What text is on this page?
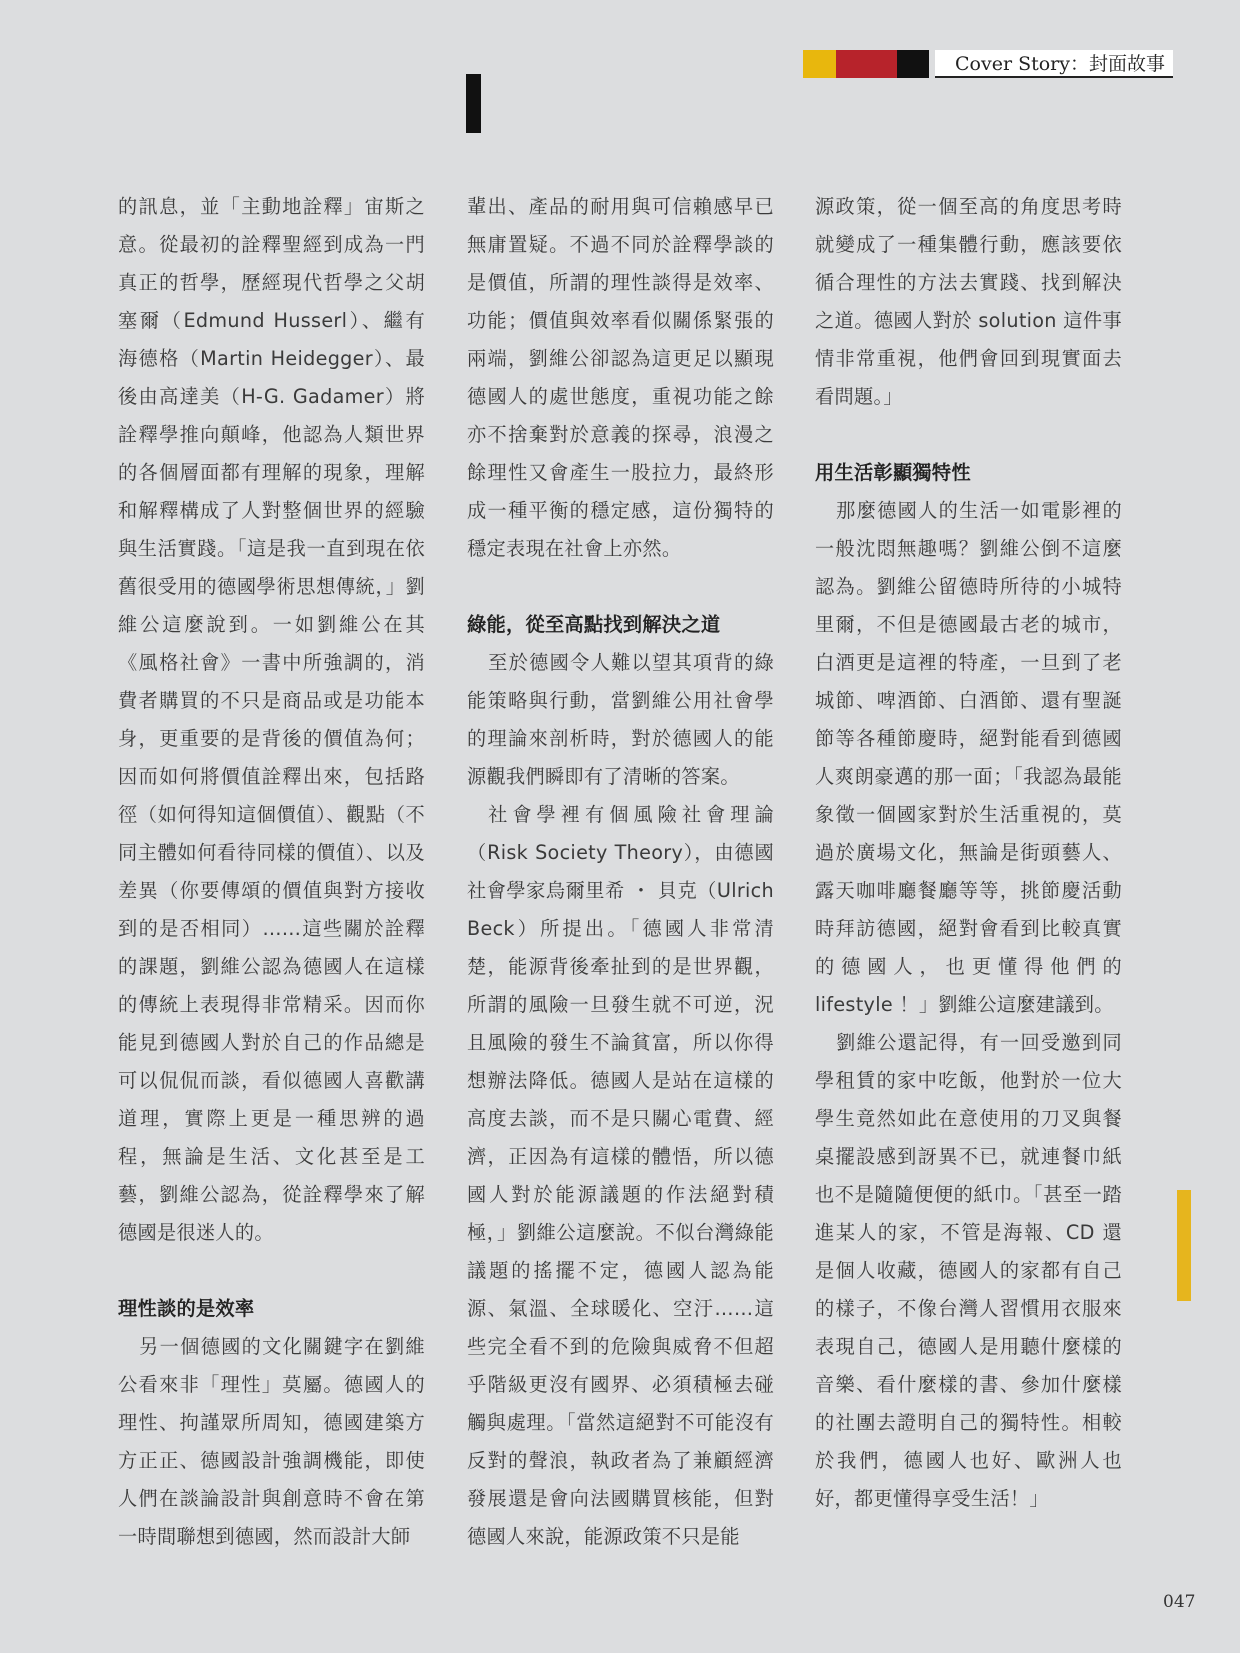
Cover Story：封面故事

的訊息，並「主動地詮釋」宙斯之意。從最初的詮釋聖經到成為一門真正的哲學，歷經現代哲學之父胡塞爾（Edmund Husserl）、繼有海德格（Martin Heidegger）、最後由高達美（H-G. Gadamer）將詮釋學推向顛峰，他認為人類世界的各個層面都有理解的現象，理解和解釋構成了人對整個世界的經驗與生活實踐。「這是我一直到現在依舊很受用的德國學術思想傳統，」劉維公這麼說到。一如劉維公在其《風格社會》一書中所強調的，消費者購買的不只是商品或是功能本身，更重要的是背後的價值為何；因而如何將價值詮釋出來，包括路徑（如何得知這個價值）、觀點（不同主體如何看待同樣的價值）、以及差異（你要傳頌的價值與對方接收到的是否相同）……這些關於詮釋的課題，劉維公認為德國人在這樣的傳統上表現得非常精采。因而你能見到德國人對於自己的作品總是可以侃侃而談，看似德國人喜歡講道理，實際上更是一種思辨的過程，無論是生活、文化甚至是工藝，劉維公認為，從詮釋學來了解德國是很迷人的。

理性談的是效率

另一個德國的文化關鍵字在劉維公看來非「理性」莫屬。德國人的理性、拘謹眾所周知，德國建築方方正正、德國設計強調機能，即使人們在談論設計與創意時不會在第一時間聯想到德國，然而設計大師

輩出、產品的耐用與可信賴感早已無庸置疑。不過不同於詮釋學談的是價值，所謂的理性談得是效率、功能；價值與效率看似關係緊張的兩端，劉維公卻認為這更足以顯現德國人的處世態度，重視功能之餘亦不捨棄對於意義的探尋，浪漫之餘理性又會產生一股拉力，最終形成一種平衡的穩定感，這份獨特的穩定表現在社會上亦然。

綠能，從至高點找到解決之道

至於德國令人難以望其項背的綠能策略與行動，當劉維公用社會學的理論來剖析時，對於德國人的能源觀我們瞬即有了清晰的答案。

社會學裡有個風險社會理論（Risk Society Theory），由德國社會學家烏爾里希 ・ 貝克（Ulrich Beck）所提出。「德國人非常清楚，能源背後牽扯到的是世界觀，所謂的風險一旦發生就不可逆，況且風險的發生不論貧富，所以你得想辦法降低。德國人是站在這樣的高度去談，而不是只關心電費、經濟，正因為有這樣的體悟，所以德國人對於能源議題的作法絕對積極，」劉維公這麼說。不似台灣綠能議題的搖擺不定，德國人認為能源、氣溫、全球暖化、空汙……這些完全看不到的危險與威脅不但超乎階級更沒有國界、必須積極去碰觸與處理。「當然這絕對不可能沒有反對的聲浪，執政者為了兼顧經濟發展還是會向法國購買核能，但對德國人來說，能源政策不只是能

源政策，從一個至高的角度思考時就變成了一種集體行動，應該要依循合理性的方法去實踐、找到解決之道。德國人對於 solution 這件事情非常重視，他們會回到現實面去看問題。」

用生活彰顯獨特性

那麼德國人的生活一如電影裡的一般沈悶無趣嗎？劉維公倒不這麼認為。劉維公留德時所待的小城特里爾，不但是德國最古老的城市，白酒更是這裡的特產，一旦到了老城節、啤酒節、白酒節、還有聖誕節等各種節慶時，絕對能看到德國人爽朗豪邁的那一面；「我認為最能象徵一個國家對於生活重視的，莫過於廣場文化，無論是街頭藝人、露天咖啡廳餐廳等等，挑節慶活動時拜訪德國，絕對會看到比較真實的德國人，也更懂得他們的 lifestyle ！」劉維公這麼建議到。

劉維公還記得，有一回受邀到同學租賃的家中吃飯，他對於一位大學生竟然如此在意使用的刀叉與餐桌擺設感到訝異不已，就連餐巾紙也不是隨隨便便的紙巾。「甚至一踏進某人的家，不管是海報、CD 還是個人收藏，德國人的家都有自己的樣子，不像台灣人習慣用衣服來表現自己，德國人是用聽什麼樣的音樂、看什麼樣的書、參加什麼樣的社團去證明自己的獨特性。相較於我們，德國人也好、歐洲人也好，都更懂得享受生活！」

047
